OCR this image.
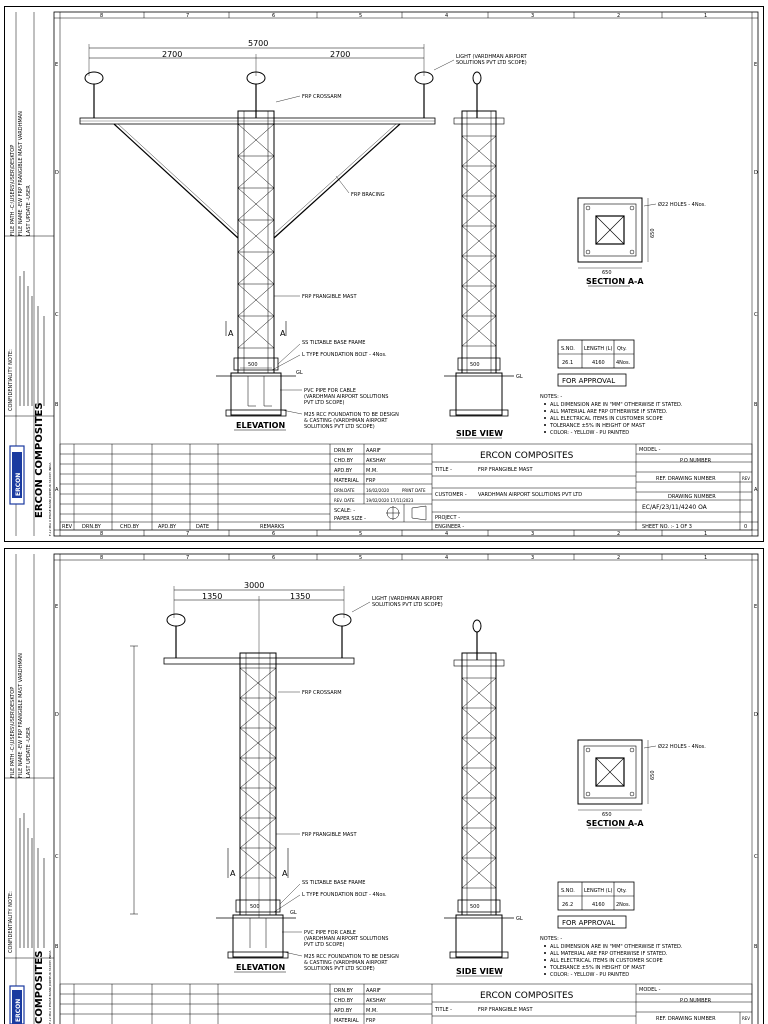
8	7	6	5	4	3	2	1
8	7	6	5	4	3	2	1
E
D
C
B
A
E
D
C
B
A
FILE PATH -C:\USERS\USER\DESKTOP FILE NAME -EW FRP FRANGIBLE MAST VARDHMAN LAST UPDATE -USER
CONFIDENTIALITY NOTE:
ERCON ERCON COMPOSITES F-12 MIA II PHASE BASNI JODHPUR 342005 INDIA
5700
2700	2700	LIGHT (VARDHMAN AIRPORT
SOLUTIONS PVT LTD SCOPE)
FRP CROSSARM
FRP BRACING
FRP FRANGIBLE MAST
SS TILTABLE BASE FRAME
L TYPE FOUNDATION BOLT - 4Nos.
PVC PIPE FOR CABLE
(VARDHMAN AIRPORT SOLUTIONS
PVT LTD SCOPE)
M25 RCC FOUNDATION TO BE DESIGN
& CASTING (VARDHMAN AIRPORT
SOLUTIONS PVT LTD SCOPE)
GL
A	A
500
ELEVATION
500
GL
SIDE VIEW
Ø22 HOLES - 4Nos.
650
650
SECTION A-A
S.NO. LENGTH (L) Qty.
26.1	4160 4Nos.
FOR APPROVAL
NOTES: -
ALL DIMENSION ARE IN "MM" OTHERWISE IT STATED.
ALL MATERIAL ARE FRP OTHERWISE IF STATED.
ALL ELECTRICAL ITEMS IN CUSTOMER SCOPE
TOLERANCE ±5% IN HEIGHT OF MAST
COLOR: - YELLOW - PU PAINTED
DRN.BY	AARIF
CHD.BY	AKSHAY
APD.BY	M.M.
MATERIAL FRP
DRN.DATE	16/02/2020	PRINT DATE
REV. DATE	19/02/2020 17/11/2023
SCALE: -
PAPER SIZE -
ERCON COMPOSITES
TITLE -	FRP FRANGIBLE MAST
CUSTOMER - VARDHMAN AIRPORT SOLUTIONS PVT LTD
PROJECT -
ENGINEER -
MODEL -
P.O NUMBER
REF. DRAWING NUMBER	REV
DRAWING NUMBER
EC/AF/23/11/4240 OA
SHEET NO. :- 1 OF 3	0
REV DRN.BY	CHD.BY	APD.BY	DATE	REMARKS
8	7	6	5	4	3	2	1
E
D
C
B
E
D
C
B
FILE PATH -C:\USERS\USER\DESKTOP FILE NAME -EW FRP FRANGIBLE MAST VARDHMAN LAST UPDATE -USER
CONFIDENTIALITY NOTE:
ERCON COMPOSITES F-12 MIA II PHASE BASNI JODHPUR 342005 INDIA
3000
1350	1350	LIGHT (VARDHMAN AIRPORT
SOLUTIONS PVT LTD SCOPE)
FRP CROSSARM
FRP FRANGIBLE MAST
SS TILTABLE BASE FRAME
L TYPE FOUNDATION BOLT - 4Nos.
PVC PIPE FOR CABLE
(VARDHMAN AIRPORT SOLUTIONS
PVT LTD SCOPE)
M25 RCC FOUNDATION TO BE DESIGN
& CASTING (VARDHMAN AIRPORT
SOLUTIONS PVT LTD SCOPE)
GL
A	A
500
ELEVATION
500
GL
SIDE VIEW
Ø22 HOLES - 4Nos.
650
650
SECTION A-A
S.NO. LENGTH (L) Qty.
26.2	4160 2Nos.
FOR APPROVAL
NOTES: -
ALL DIMENSION ARE IN "MM" OTHERWISE IT STATED.
ALL MATERIAL ARE FRP OTHERWISE IF STATED.
ALL ELECTRICAL ITEMS IN CUSTOMER SCOPE
TOLERANCE ±5% IN HEIGHT OF MAST
COLOR: - YELLOW - PU PAINTED
DRN.BY	AARIF
CHD.BY	AKSHAY
APD.BY	M.M.
MATERIAL FRP
ERCON COMPOSITES
TITLE -	FRP FRANGIBLE MAST
MODEL -
P.O NUMBER
REF. DRAWING NUMBER	REV
